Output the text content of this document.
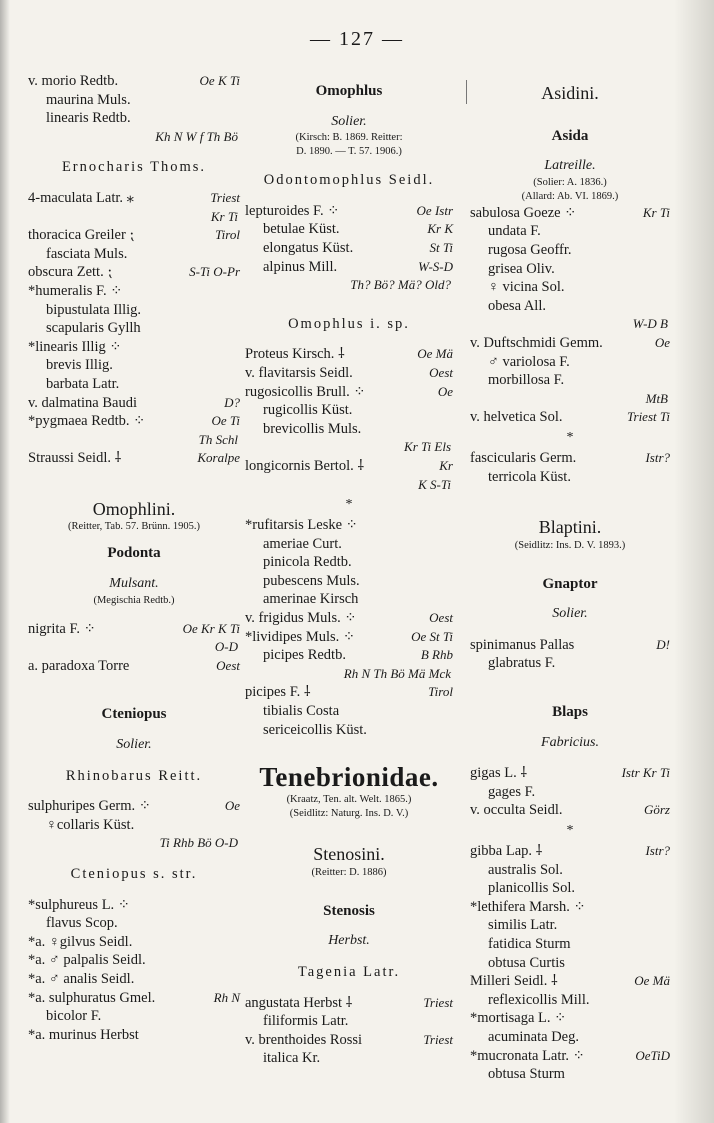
— 127 —
v. morio Redtb.	Oe K Ti
maurina Muls.
linearis Redtb.
Kh N W f Th Bö
Ernocharis Thoms.
4-maculata Latr. ⁎	Triest
Kr Ti
thoracica Greiler ⁏	Tirol
fasciata Muls.
obscura Zett. ⁏	S-Ti O-Pr
*humeralis F. ⁘
bipustulata Illig.
scapularis Gyllh
*linearis Illig ⁘
brevis Illig.
barbata Latr.
v. dalmatina Baudi	D?
*pygmaea Redtb. ⁘	Oe Ti
Th Schl
Straussi Seidl. ⸸	Koralpe
Omophlini.
(Reitter, Tab. 57. Brünn. 1905.)
Podonta
Mulsant.
(Megischia Redtb.)
nigrita F. ⁘	Oe Kr K Ti
O-D
a. paradoxa Torre	Oest
Cteniopus
Solier.
Rhinobarus Reitt.
sulphuripes Germ. ⁘	Oe
♀collaris Küst.
Ti Rhb Bö O-D
Cteniopus s. str.
*sulphureus L. ⁘
flavus Scop.
*a. ♀gilvus Seidl.
*a. ♂ palpalis Seidl.
*a. ♂ analis Seidl.
*a. sulphuratus Gmel.	Rh N
bicolor F.
*a. murinus Herbst
Omophlus
Solier.
(Kirsch: B. 1869. Reitter:
D. 1890. — T. 57. 1906.)
Odontomophlus Seidl.
lepturoides F. ⁘	Oe Istr
betulae Küst.	Kr K
elongatus Küst.	St Ti
alpinus Mill.	W-S-D
Th? Bö? Mä? Old?
Omophlus i. sp.
Proteus Kirsch. ⸸	Oe Mä
v. flavitarsis Seidl.	Oest
rugosicollis Brull. ⁘	Oe
rugicollis Küst.
brevicollis Muls.
Kr Ti Els
longicornis Bertol. ⸸	Kr
K S-Ti
*
*rufitarsis Leske ⁘
ameriae Curt.
pinicola Redtb.
pubescens Muls.
amerinae Kirsch
v. frigidus Muls. ⁘	Oest
*lividipes Muls. ⁘	Oe St Ti
picipes Redtb.	B Rhb
Rh N Th Bö Mä Mck
picipes F. ⸸	Tirol
tibialis Costa
sericeicollis Küst.
Tenebrionidae.
(Kraatz, Ten. alt. Welt. 1865.)
(Seidlitz: Naturg. Ins. D. V.)
Stenosini.
(Reitter: D. 1886)
Stenosis
Herbst.
Tagenia Latr.
angustata Herbst ⸸	Triest
filiformis Latr.
v. brenthoides Rossi	Triest
italica Kr.
Asidini.
Asida
Latreille.
(Solier: A. 1836.)
(Allard: Ab. VI. 1869.)
sabulosa Goeze ⁘	Kr Ti
undata F.
rugosa Geoffr.
grisea Oliv.
♀ vicina Sol.
obesa All.
W-D B
v. Duftschmidi Gemm.	Oe
♂ variolosa F.
morbillosa F.
MtB
v. helvetica Sol.	Triest Ti
*
fascicularis Germ.	Istr?
terricola Küst.
Blaptini.
(Seidlitz: Ins. D. V. 1893.)
Gnaptor
Solier.
spinimanus Pallas	D!
glabratus F.
Blaps
Fabricius.
gigas L. ⸸	Istr Kr Ti
gages F.
v. occulta Seidl.	Görz
*
gibba Lap. ⸸	Istr?
australis Sol.
planicollis Sol.
*lethifera Marsh. ⁘
similis Latr.
fatidica Sturm
obtusa Curtis
Milleri Seidl. ⸸	Oe Mä
reflexicollis Mill.
*mortisaga L. ⁘
acuminata Deg.
*mucronata Latr. ⁘	OeTiD
obtusa Sturm
